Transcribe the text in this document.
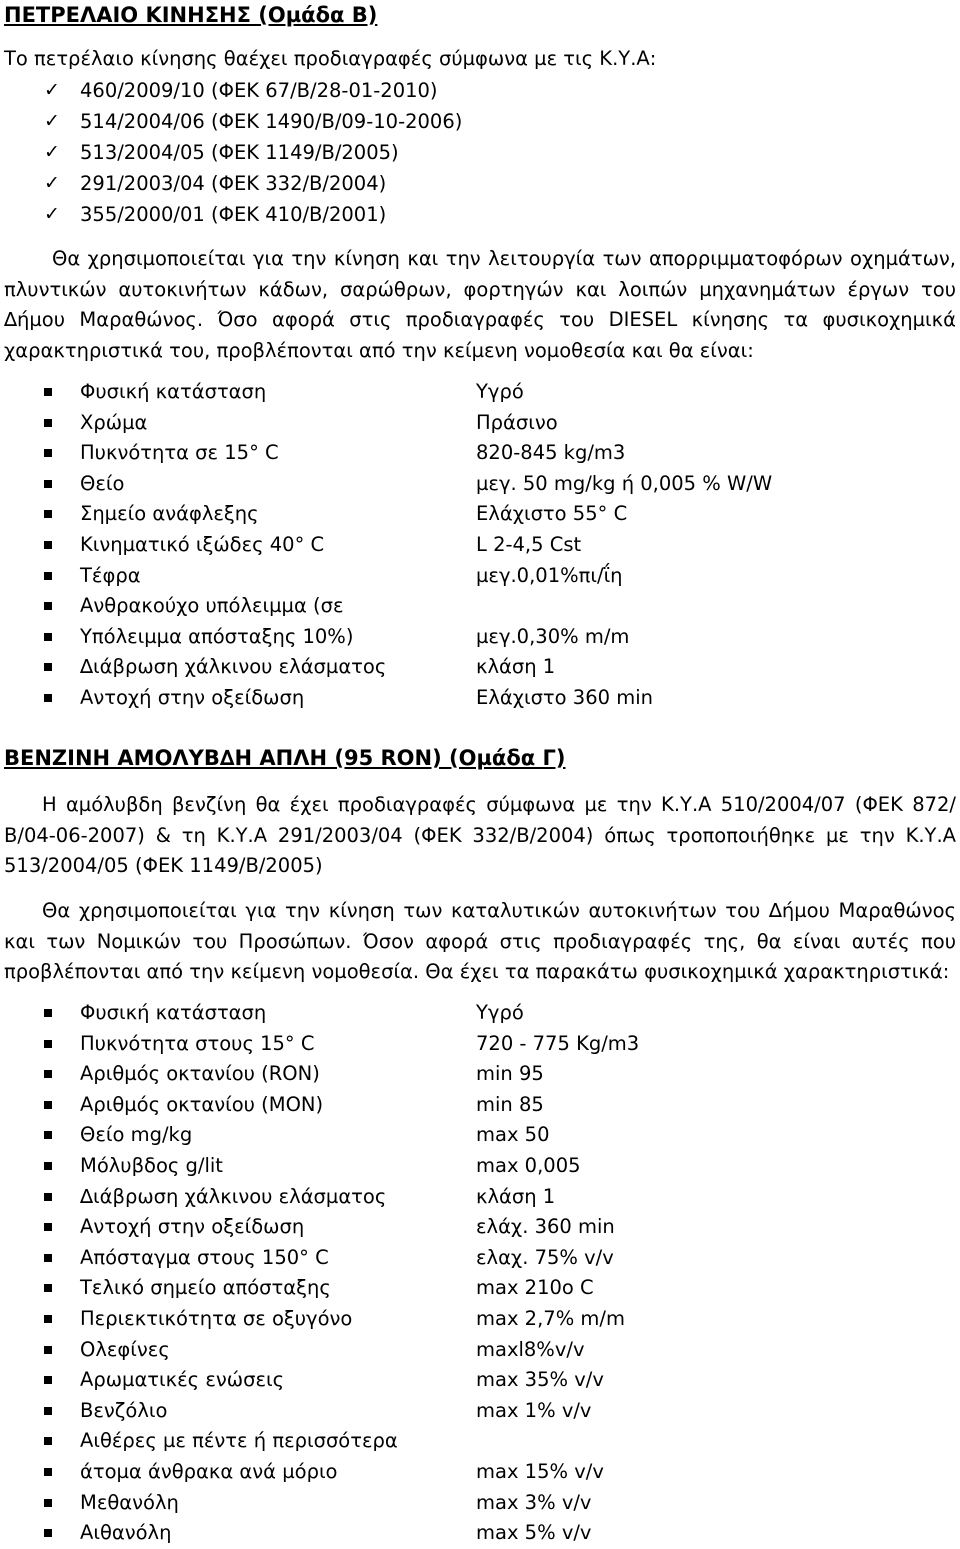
ΠΕΤΡΕΛΑΙΟ ΚΙΝΗΣΗΣ (Οµάδα Β)

Το πετρέλαιο κίνησης θαέχει προδιαγραφές σύµφωνα µε τις Κ.Υ.Α:

✓ 460/2009/10 (ΦΕΚ 67/Β/28-01-2010)
✓ 514/2004/06 (ΦΕΚ 1490/Β/09-10-2006)
✓ 513/2004/05 (ΦΕΚ 1149/Β/2005)
✓ 291/2003/04 (ΦΕΚ 332/Β/2004)
✓ 355/2000/01 (ΦΕΚ 410/Β/2001)

Θα χρησιµοποιείται για την κίνηση και την λειτουργία των απορριµµατοφόρων οχηµάτων, πλυντικών αυτοκινήτων κάδων, σαρώθρων, φορτηγών και λοιπών µηχανηµάτων έργων του ∆ήµου Μαραθώνος. Όσο αφορά στις προδιαγραφές του DIESEL κίνησης τα φυσικοχηµικά χαρακτηριστικά του, προβλέπονται από την κείµενη νοµοθεσία και θα είναι:

Φυσική κατάσταση	Υγρό
Χρώµα	Πράσινο
Πυκνότητα σε 15° C	820-845 kg/m3
Θείο	µεγ. 50 mg/kg ή 0,005 % W/W
Σηµείο ανάφλεξης	Ελάχιστο 55° C
Κινηµατικό ιξώδες 40° C	L 2-4,5 Cst
Τέφρα	µεγ.0,01%πι/ΐη
Ανθρακούχο υπόλειµµα (σε
Υπόλειµµα απόσταξης 10%)	µεγ.0,30% m/m
∆ιάβρωση χάλκινου ελάσµατος	κλάση 1
Αντοχή στην οξείδωση	Ελάχιστο 360 min
ΒΕΝΖΙΝΗ ΑΜΟΛΥΒ∆Η ΑΠΛΗ (95 RON) (Οµάδα Γ)

Η αµόλυβδη βενζίνη θα έχει προδιαγραφές σύµφωνα µε την Κ.Υ.Α 510/2004/07 (ΦΕΚ 872/Β/04-06-2007) & τη Κ.Υ.Α 291/2003/04 (ΦΕΚ 332/Β/2004) όπως τροποποιήθηκε µε την Κ.Υ.Α 513/2004/05 (ΦΕΚ 1149/Β/2005)

Θα χρησιµοποιείται για την κίνηση των καταλυτικών αυτοκινήτων του ∆ήµου Μαραθώνος και των Νοµικών του Προσώπων. Όσον αφορά στις προδιαγραφές της, θα είναι αυτές που προβλέπονται από την κείµενη νοµοθεσία. Θα έχει τα παρακάτω φυσικοχηµικά χαρακτηριστικά:

Φυσική κατάσταση	Υγρό
Πυκνότητα στους 15° C	720 - 775 Kg/m3
Αριθµός οκτανίου (RON)	min 95
Αριθµός οκτανίου (MON)	min 85
Θείο mg/kg	max 50
Μόλυβδος g/lit	max 0,005
∆ιάβρωση χάλκινου ελάσµατος	κλάση 1
Αντοχή στην οξείδωση	ελάχ. 360 min
Απόσταγµα στους 150° C	ελαχ. 75% v/v
Τελικό σηµείο απόσταξης	max 210o C
Περιεκτικότητα σε οξυγόνο	max 2,7% m/m
Ολεφίνες	maxl8%v/v
Αρωµατικές ενώσεις	max 35% v/v
Βενζόλιο	max 1% v/v
Αιθέρες µε πέντε ή περισσότερα
άτοµα άνθρακα ανά µόριο	max 15% v/v
Μεθανόλη	max 3% v/v
Αιθανόλη	max 5% v/v
